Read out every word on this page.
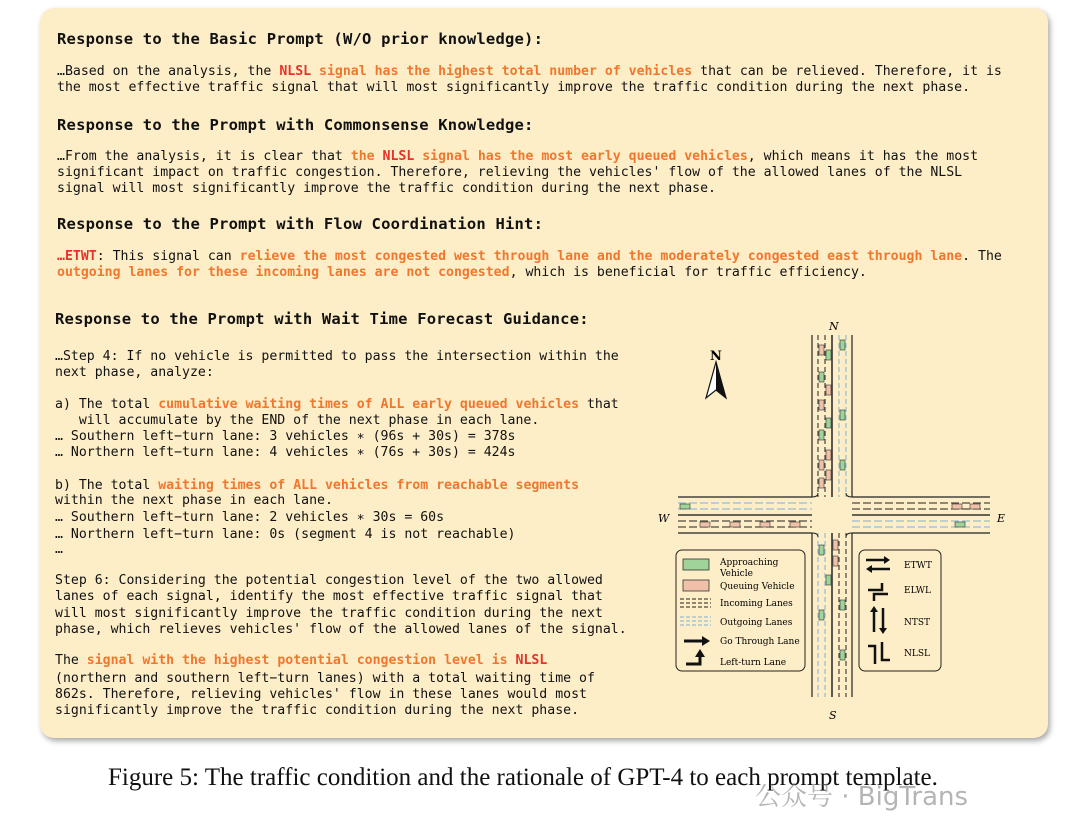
Response to the Basic Prompt (W/O prior knowledge):
…Based on the analysis, the NLSL signal has the highest total number of vehicles that can be relieved. Therefore, it is
the most effective traffic signal that will most significantly improve the traffic condition during the next phase.
Response to the Prompt with Commonsense Knowledge:
…From the analysis, it is clear that the NLSL signal has the most early queued vehicles, which means it has the most
significant impact on traffic congestion. Therefore, relieving the vehicles' flow of the allowed lanes of the NLSL
signal will most significantly improve the traffic condition during the next phase.
Response to the Prompt with Flow Coordination Hint:
…ETWT: This signal can relieve the most congested west through lane and the moderately congested east through lane. The
outgoing lanes for these incoming lanes are not congested, which is beneficial for traffic efficiency.
Response to the Prompt with Wait Time Forecast Guidance:
…Step 4: If no vehicle is permitted to pass the intersection within the
next phase, analyze:
a) The total cumulative waiting times of ALL early queued vehicles that
will accumulate by the END of the next phase in each lane.
… Southern left−turn lane: 3 vehicles ∗ (96s + 30s) = 378s
… Northern left−turn lane: 4 vehicles ∗ (76s + 30s) = 424s
b) The total waiting times of ALL vehicles from reachable segments
within the next phase in each lane.
… Southern left−turn lane: 2 vehicles ∗ 30s = 60s
… Northern left−turn lane: 0s (segment 4 is not reachable)
…
Step 6: Considering the potential congestion level of the two allowed
lanes of each signal, identify the most effective traffic signal that
will most significantly improve the traffic condition during the next
phase, which relieves vehicles' flow of the allowed lanes of the signal.
The signal with the highest potential congestion level is NLSL
(northern and southern left−turn lanes) with a total waiting time of
862s. Therefore, relieving vehicles' flow in these lanes would most
significantly improve the traffic condition during the next phase.
N
N
S
W	E
Approaching
Vehicle
Queuing Vehicle
Incoming Lanes
Outgoing Lanes
Go Through Lane
Left-turn Lane
ETWT
ELWL
NTST
NLSL
Figure 5: The traffic condition and the rationale of GPT-4 to each prompt template.
公众号 · BigTrans
